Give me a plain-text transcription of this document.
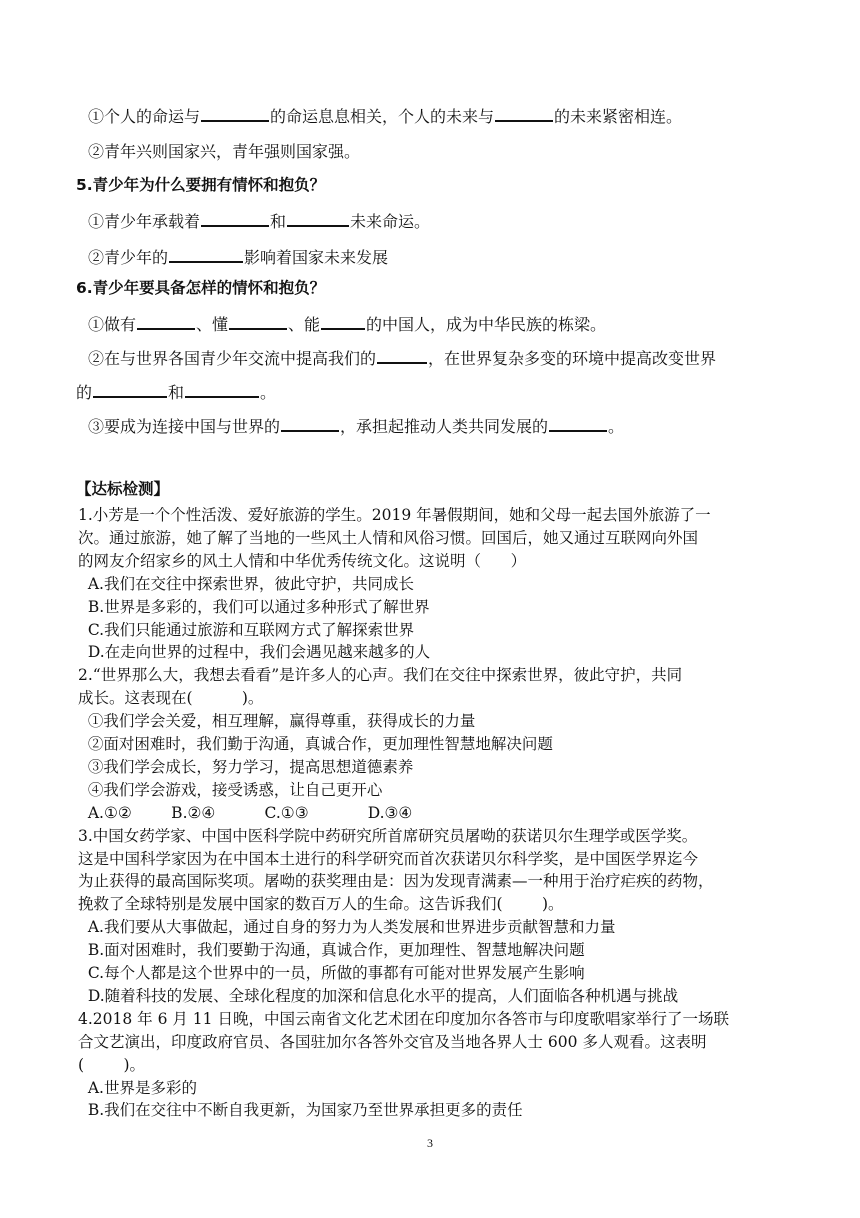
①个人的命运与	的命运息息相关，个人的未来与	的未来紧密相连。
②青年兴则国家兴，青年强则国家强。
5.青少年为什么要拥有情怀和抱负？
①青少年承载着	和	未来命运。
②青少年的	影响着国家未来发展
6.青少年要具备怎样的情怀和抱负？
①做有	、懂	、能	的中国人，成为中华民族的栋梁。
②在与世界各国青少年交流中提高我们的	，在世界复杂多变的环境中提高改变世界
的	和	。
③要成为连接中国与世界的	，承担起推动人类共同发展的	。
【达标检测】
1.小芳是一个个性活泼、爱好旅游的学生。2019 年暑假期间，她和父母一起去国外旅游了一
次。通过旅游，她了解了当地的一些风土人情和风俗习惯。回国后，她又通过互联网向外国
的网友介绍家乡的风土人情和中华优秀传统文化。这说明（      ）
A.我们在交往中探索世界，彼此守护，共同成长
B.世界是多彩的，我们可以通过多种形式了解世界
C.我们只能通过旅游和互联网方式了解探索世界
D.在走向世界的过程中，我们会遇见越来越多的人
2.“世界那么大，我想去看看”是许多人的心声。我们在交往中探索世界，彼此守护，共同
成长。这表现在(          )。
①我们学会关爱，相互理解，赢得尊重，获得成长的力量
②面对困难时，我们勤于沟通，真诚合作，更加理性智慧地解决问题
③我们学会成长，努力学习，提高思想道德素养
④我们学会游戏，接受诱惑，让自己更开心
A.①②        B.②④          C.①③            D.③④
3.中国女药学家、中国中医科学院中药研究所首席研究员屠呦的获诺贝尔生理学或医学奖。
这是中国科学家因为在中国本土进行的科学研究而首次获诺贝尔科学奖，是中国医学界迄今
为止获得的最高国际奖项。屠呦的获奖理由是：因为发现青满素—一种用于治疗疟疾的药物，
挽救了全球特别是发展中国家的数百万人的生命。这告诉我们(        )。
A.我们要从大事做起，通过自身的努力为人类发展和世界进步贡献智慧和力量
B.面对困难时，我们要勤于沟通，真诚合作，更加理性、智慧地解决问题
C.每个人都是这个世界中的一员，所做的事都有可能对世界发展产生影响
D.随着科技的发展、全球化程度的加深和信息化水平的提高，人们面临各种机遇与挑战
4.2018 年 6 月 11 日晚，中国云南省文化艺术团在印度加尔各答市与印度歌唱家举行了一场联
合文艺演出，印度政府官员、各国驻加尔各答外交官及当地各界人士 600 多人观看。这表明
(        )。
A.世界是多彩的
B.我们在交往中不断自我更新，为国家乃至世界承担更多的责任
3
